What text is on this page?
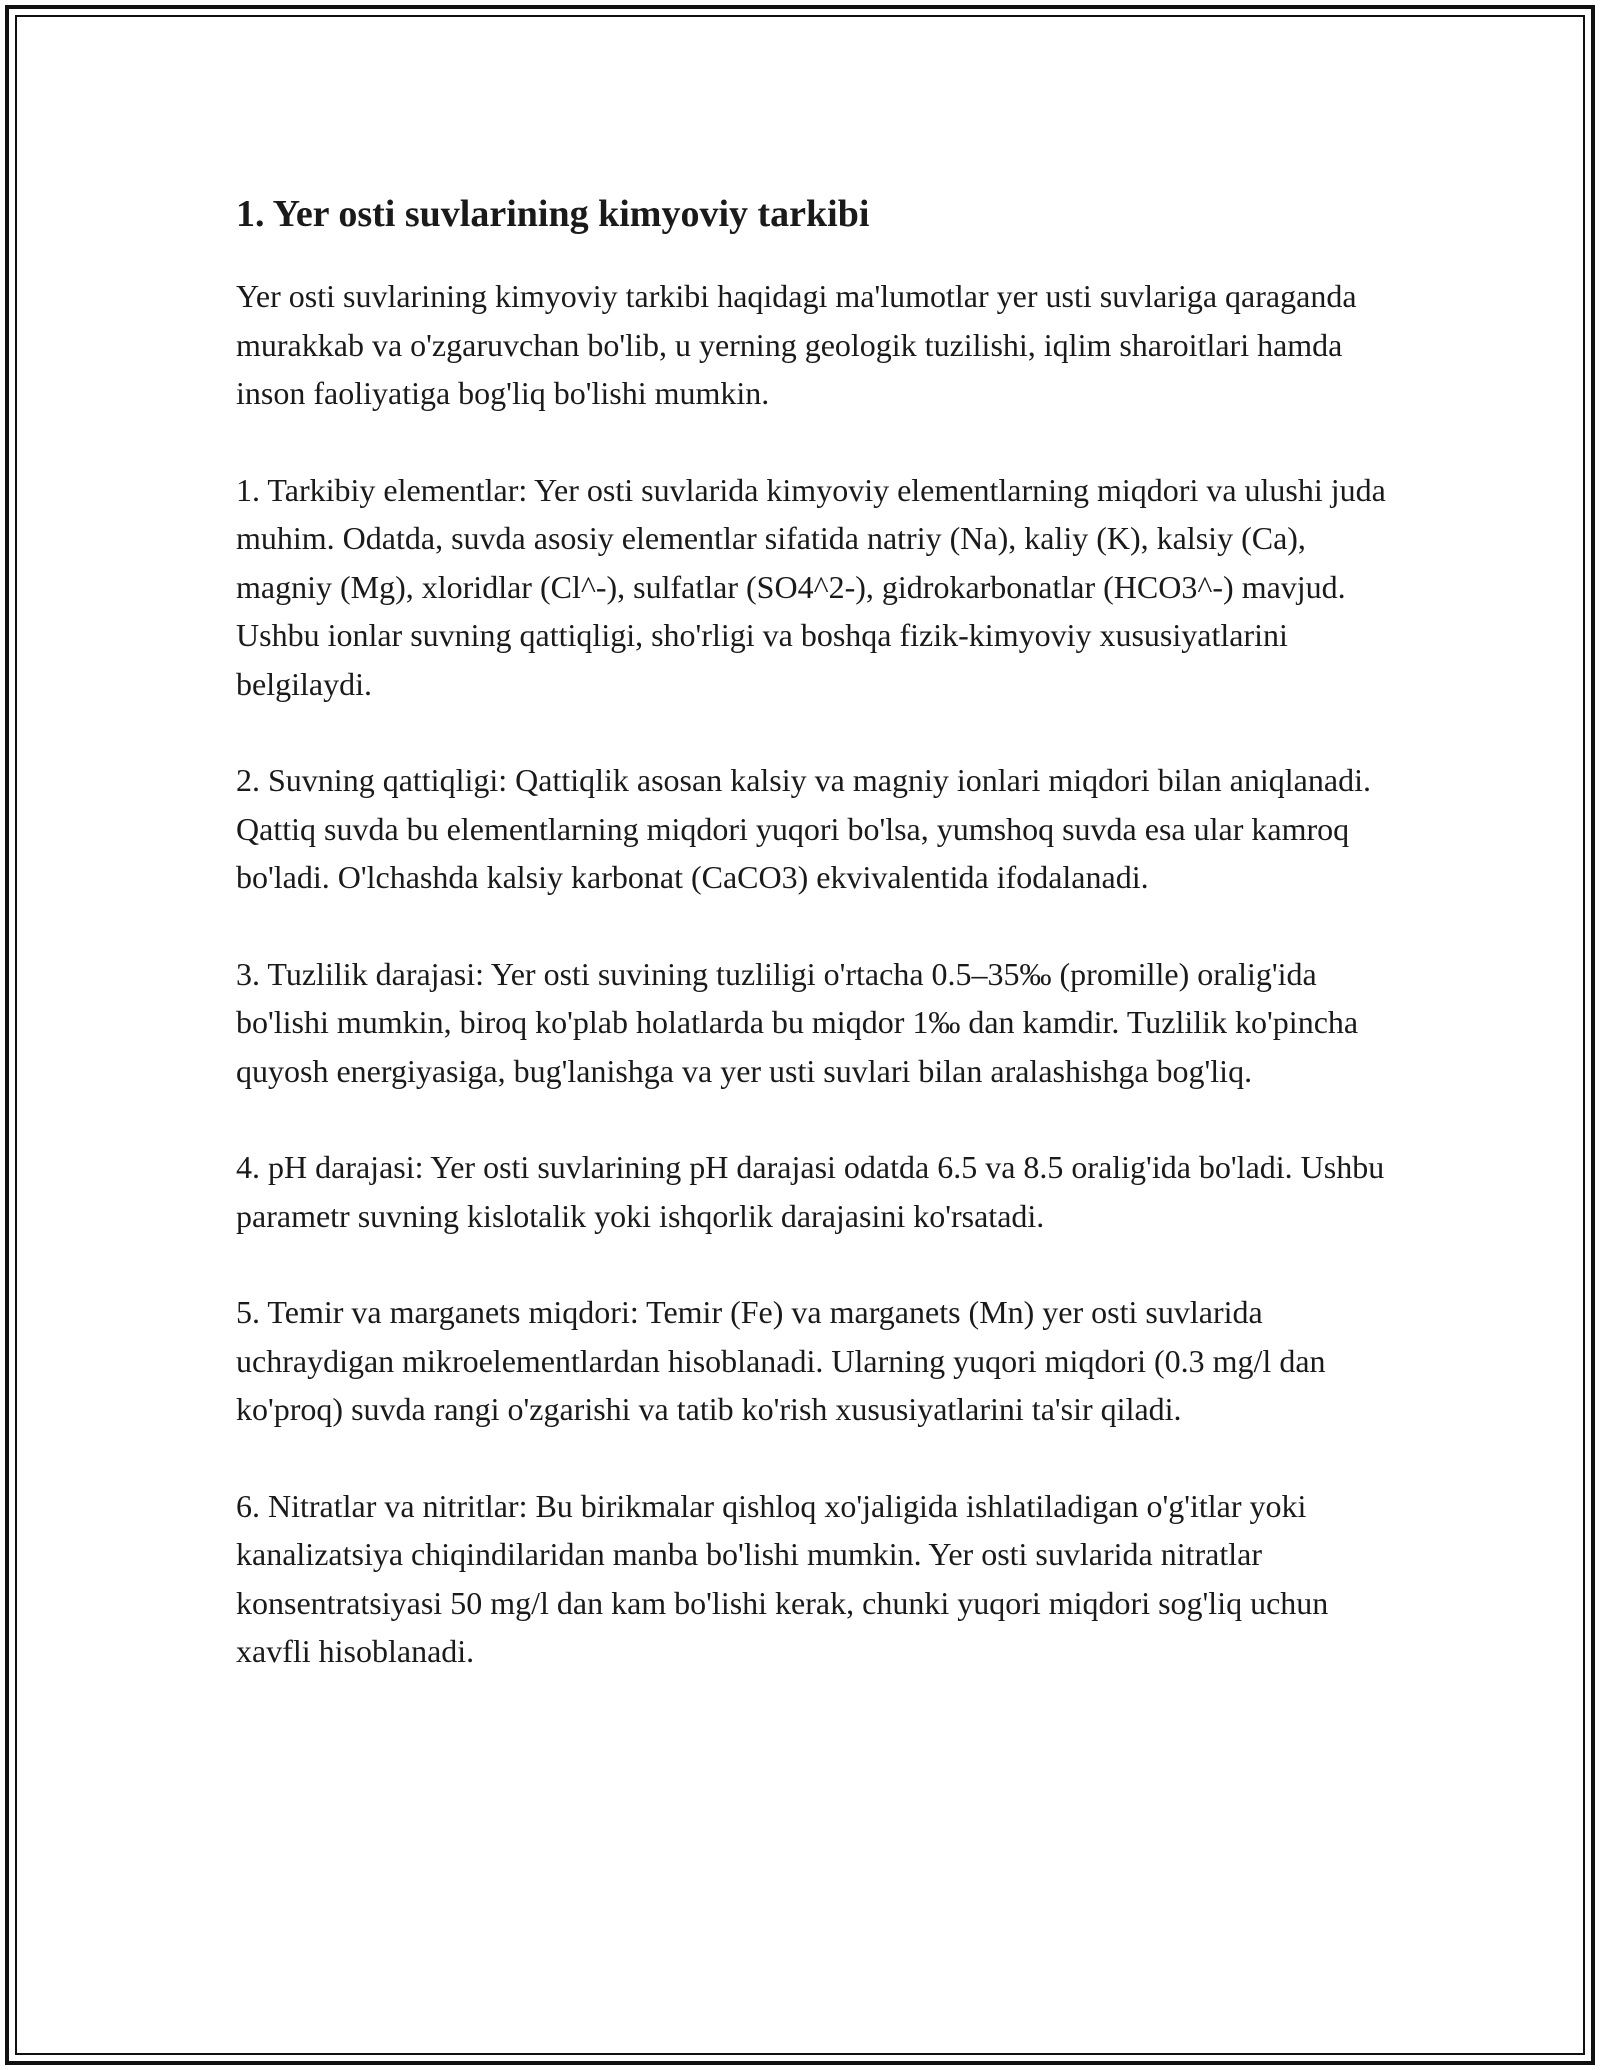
1. Yer osti suvlarining kimyoviy tarkibi

Yer osti suvlarining kimyoviy tarkibi haqidagi ma'lumotlar yer usti suvlariga qaraganda murakkab va o'zgaruvchan bo'lib, u yerning geologik tuzilishi, iqlim sharoitlari hamda inson faoliyatiga bog'liq bo'lishi mumkin.

1. Tarkibiy elementlar: Yer osti suvlarida kimyoviy elementlarning miqdori va ulushi juda muhim. Odatda, suvda asosiy elementlar sifatida natriy (Na), kaliy (K), kalsiy (Ca), magniy (Mg), xloridlar (Cl^-), sulfatlar (SO4^2-), gidrokarbonatlar (HCO3^-) mavjud. Ushbu ionlar suvning qattiqligi, sho'rligi va boshqa fizik-kimyoviy xususiyatlarini belgilaydi.

2. Suvning qattiqligi: Qattiqlik asosan kalsiy va magniy ionlari miqdori bilan aniqlanadi. Qattiq suvda bu elementlarning miqdori yuqori bo'lsa, yumshoq suvda esa ular kamroq bo'ladi. O'lchashda kalsiy karbonat (CaCO3) ekvivalentida ifodalanadi.

3. Tuzlilik darajasi: Yer osti suvining tuzliligi o'rtacha 0.5–35‰ (promille) oralig'ida bo'lishi mumkin, biroq ko'plab holatlarda bu miqdor 1‰ dan kamdir. Tuzlilik ko'pincha quyosh energiyasiga, bug'lanishga va yer usti suvlari bilan aralashishga bog'liq.

4. pH darajasi: Yer osti suvlarining pH darajasi odatda 6.5 va 8.5 oralig'ida bo'ladi. Ushbu parametr suvning kislotalik yoki ishqorlik darajasini ko'rsatadi.

5. Temir va marganets miqdori: Temir (Fe) va marganets (Mn) yer osti suvlarida uchraydigan mikroelementlardan hisoblanadi. Ularning yuqori miqdori (0.3 mg/l dan ko'proq) suvda rangi o'zgarishi va tatib ko'rish xususiyatlarini ta'sir qiladi.

6. Nitratlar va nitritlar: Bu birikmalar qishloq xo'jaligida ishlatiladigan o'g'itlar yoki kanalizatsiya chiqindilaridan manba bo'lishi mumkin. Yer osti suvlarida nitratlar konsentratsiyasi 50 mg/l dan kam bo'lishi kerak, chunki yuqori miqdori sog'liq uchun xavfli hisoblanadi.
